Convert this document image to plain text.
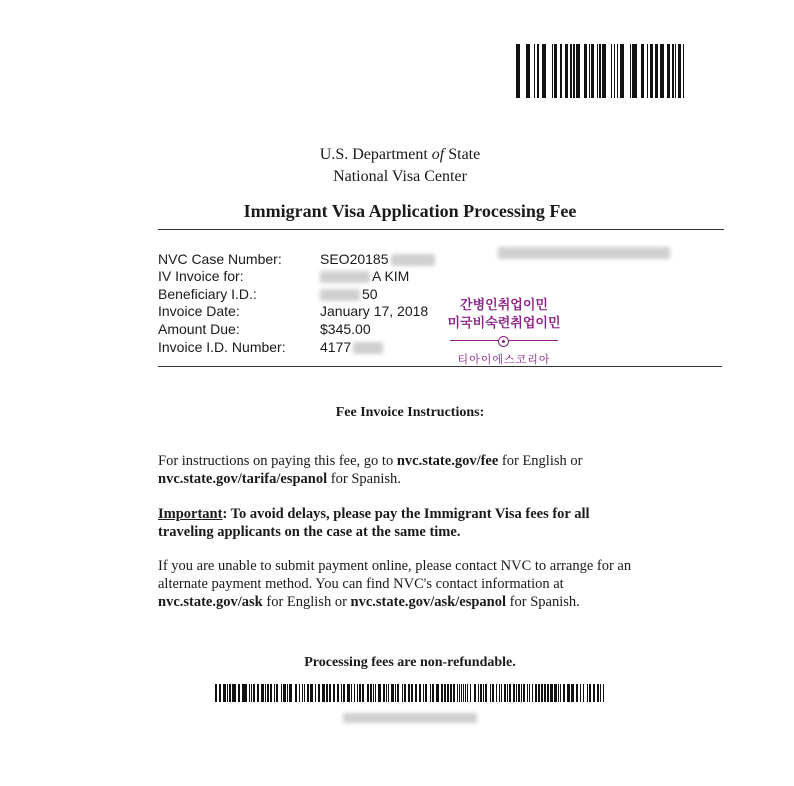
U.S. Department of State
National Visa Center
Immigrant Visa Application Processing Fee
NVC Case Number:	SEO20185
IV Invoice for:	A KIM
Beneficiary I.D.:	50
Invoice Date:	January 17, 2018
Amount Due:	$345.00
Invoice I.D. Number:	4177
간병인취업이민
미국비숙련취업이민
티아이에스코리아
Fee Invoice Instructions:
For instructions on paying this fee, go to nvc.state.gov/fee for English or
nvc.state.gov/tarifa/espanol for Spanish.
Important: To avoid delays, please pay the Immigrant Visa fees for all traveling applicants on the case at the same time.
If you are unable to submit payment online, please contact NVC to arrange for an alternate payment method. You can find NVC's contact information at
nvc.state.gov/ask for English or nvc.state.gov/ask/espanol for Spanish.
Processing fees are non-refundable.
